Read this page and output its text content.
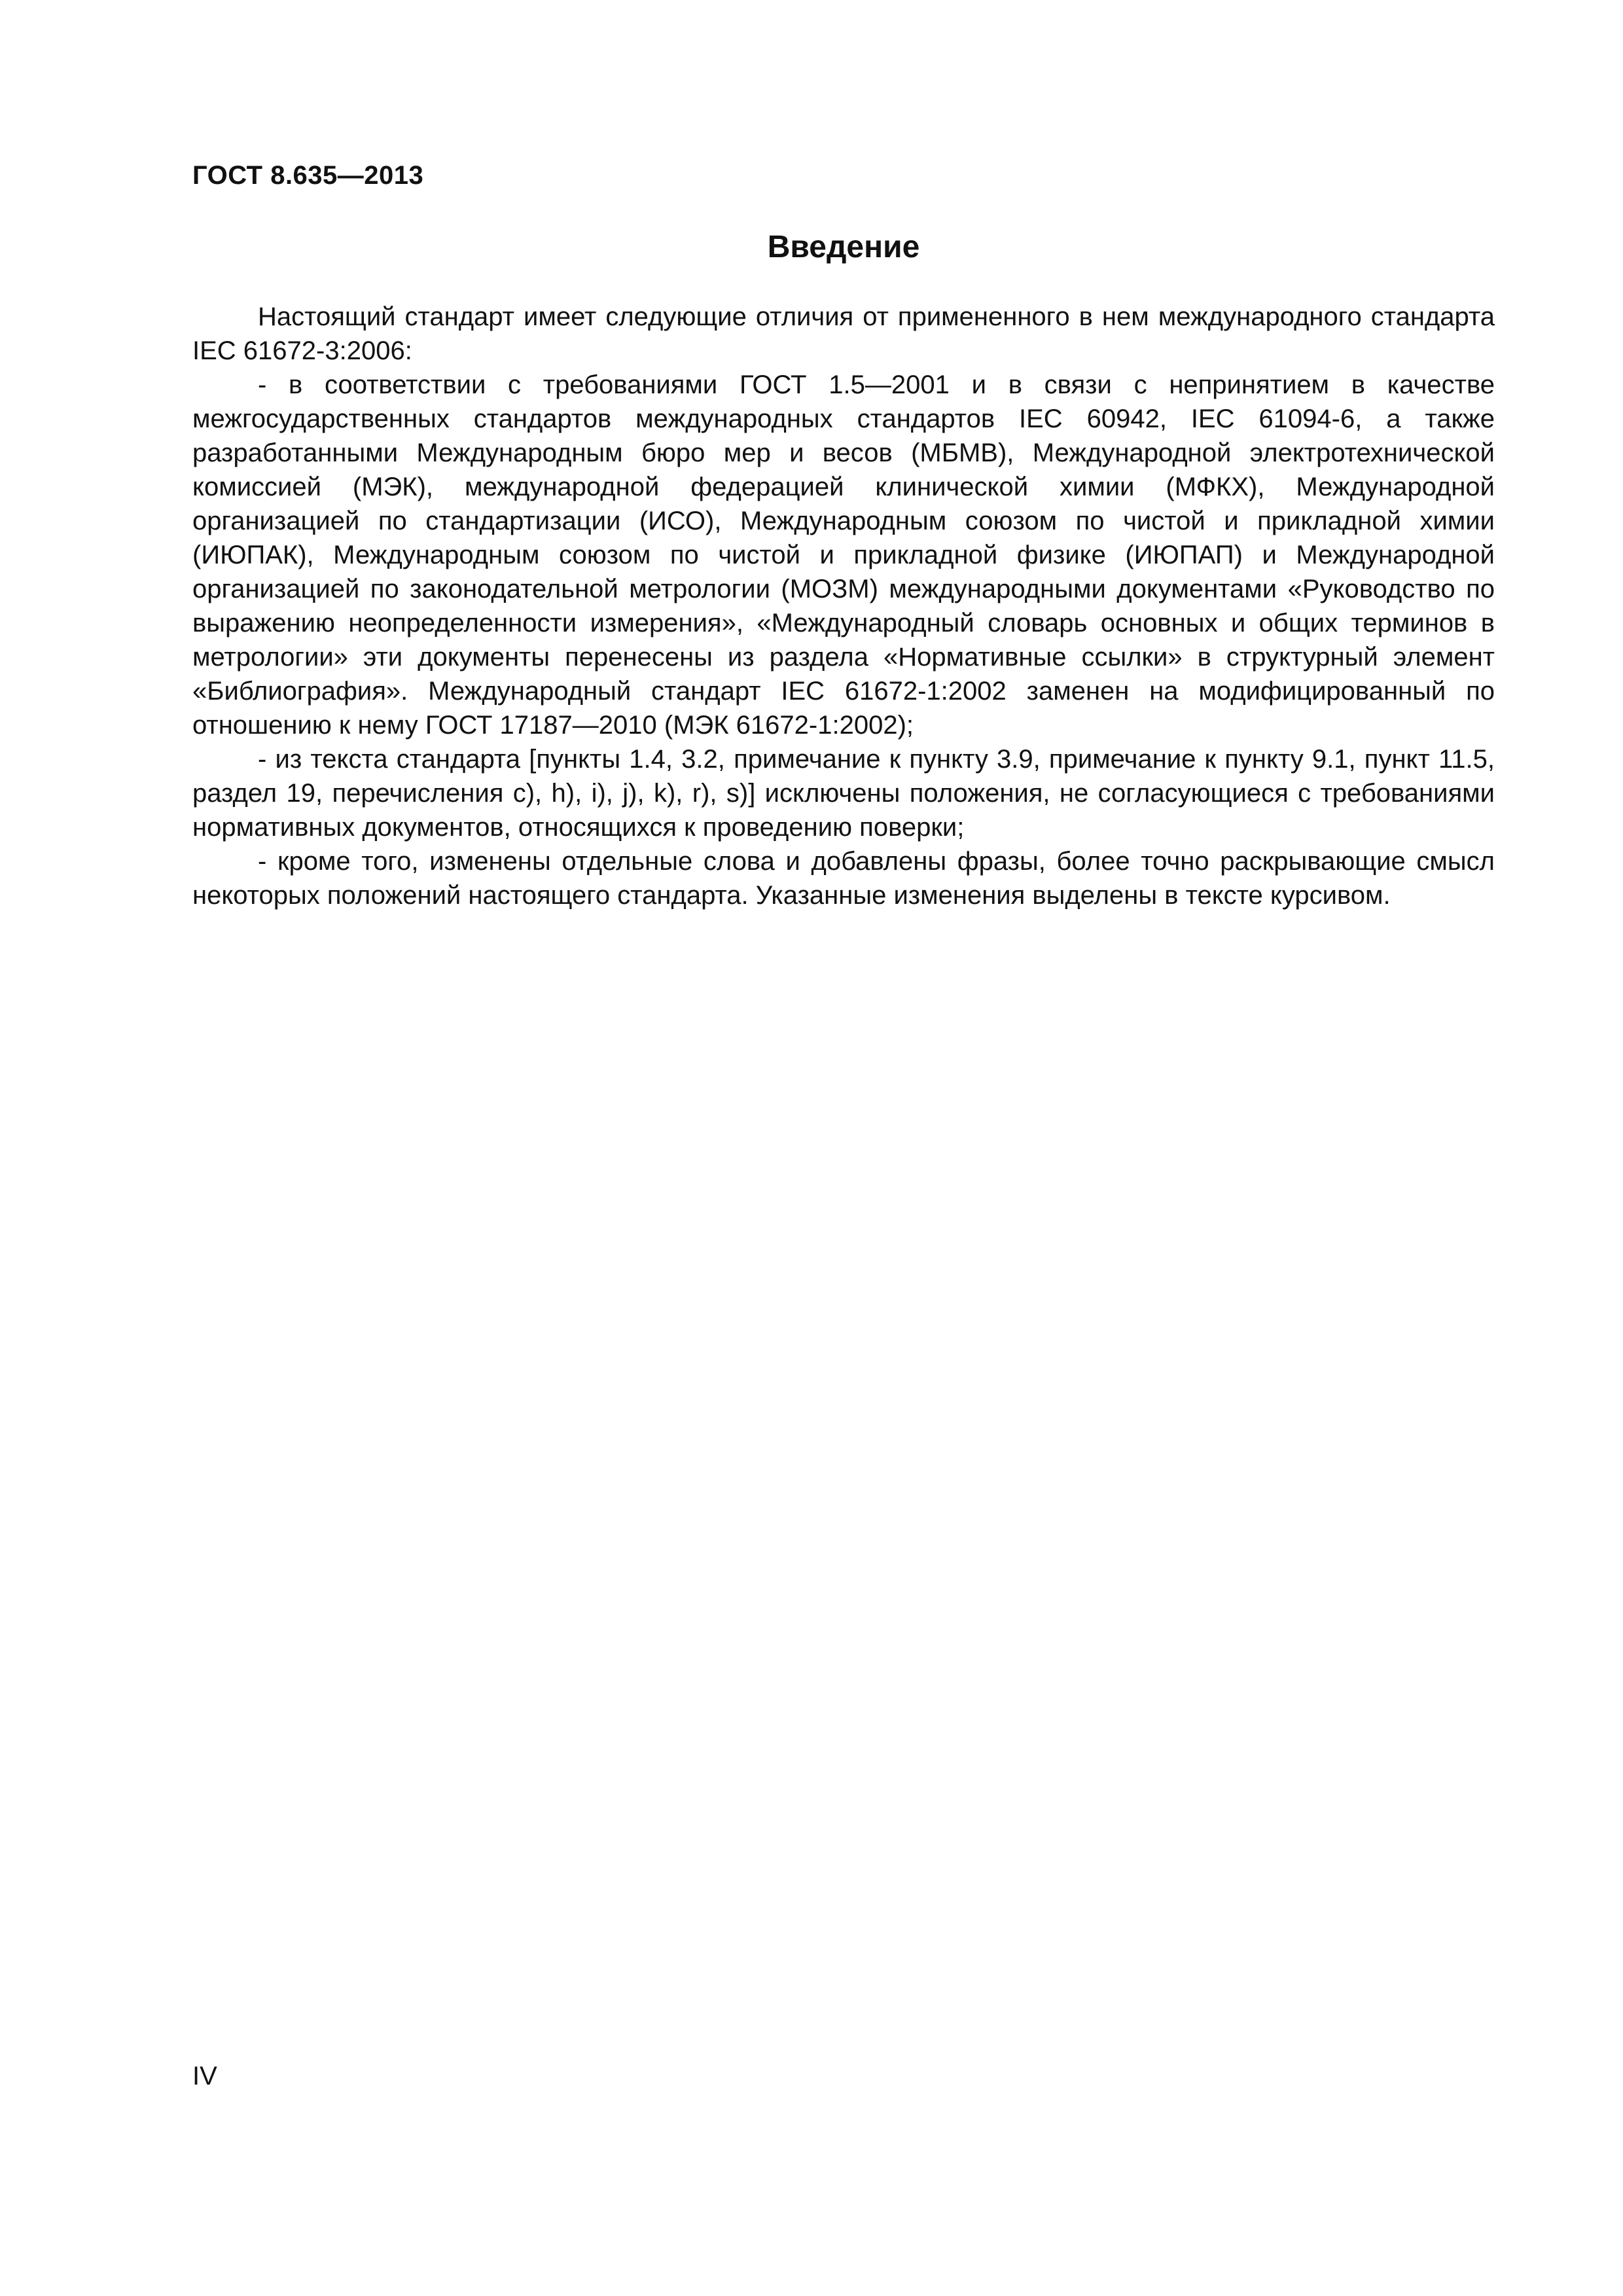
ГОСТ 8.635—2013
Введение

Настоящий стандарт имеет следующие отличия от примененного в нем международного стандарта IEC 61672-3:2006:

- в соответствии с требованиями ГОСТ 1.5—2001 и в связи с непринятием в качестве межгосударственных стандартов международных стандартов IEC 60942, IEC 61094-6, а также разработанными Международным бюро мер и весов (МБМВ), Международной электротехнической комиссией (МЭК), международной федерацией клинической химии (МФКХ), Международной организацией по стандартизации (ИСО), Международным союзом по чистой и прикладной химии (ИЮПАК), Международным союзом по чистой и прикладной физике (ИЮПАП) и Международной организацией по законодательной метрологии (МОЗМ) международными документами «Руководство по выражению неопределенности измерения», «Международный словарь основных и общих терминов в метрологии» эти документы перенесены из раздела «Нормативные ссылки» в структурный элемент «Библиография». Международный стандарт IEC 61672-1:2002 заменен на модифицированный по отношению к нему ГОСТ 17187—2010 (МЭК 61672-1:2002);

- из текста стандарта [пункты 1.4, 3.2, примечание к пункту 3.9, примечание к пункту 9.1, пункт 11.5, раздел 19, перечисления c), h), i), j), k), r), s)] исключены положения, не согласующиеся с требованиями нормативных документов, относящихся к проведению поверки;

- кроме того, изменены отдельные слова и добавлены фразы, более точно раскрывающие смысл некоторых положений настоящего стандарта. Указанные изменения выделены в тексте курсивом.

IV
